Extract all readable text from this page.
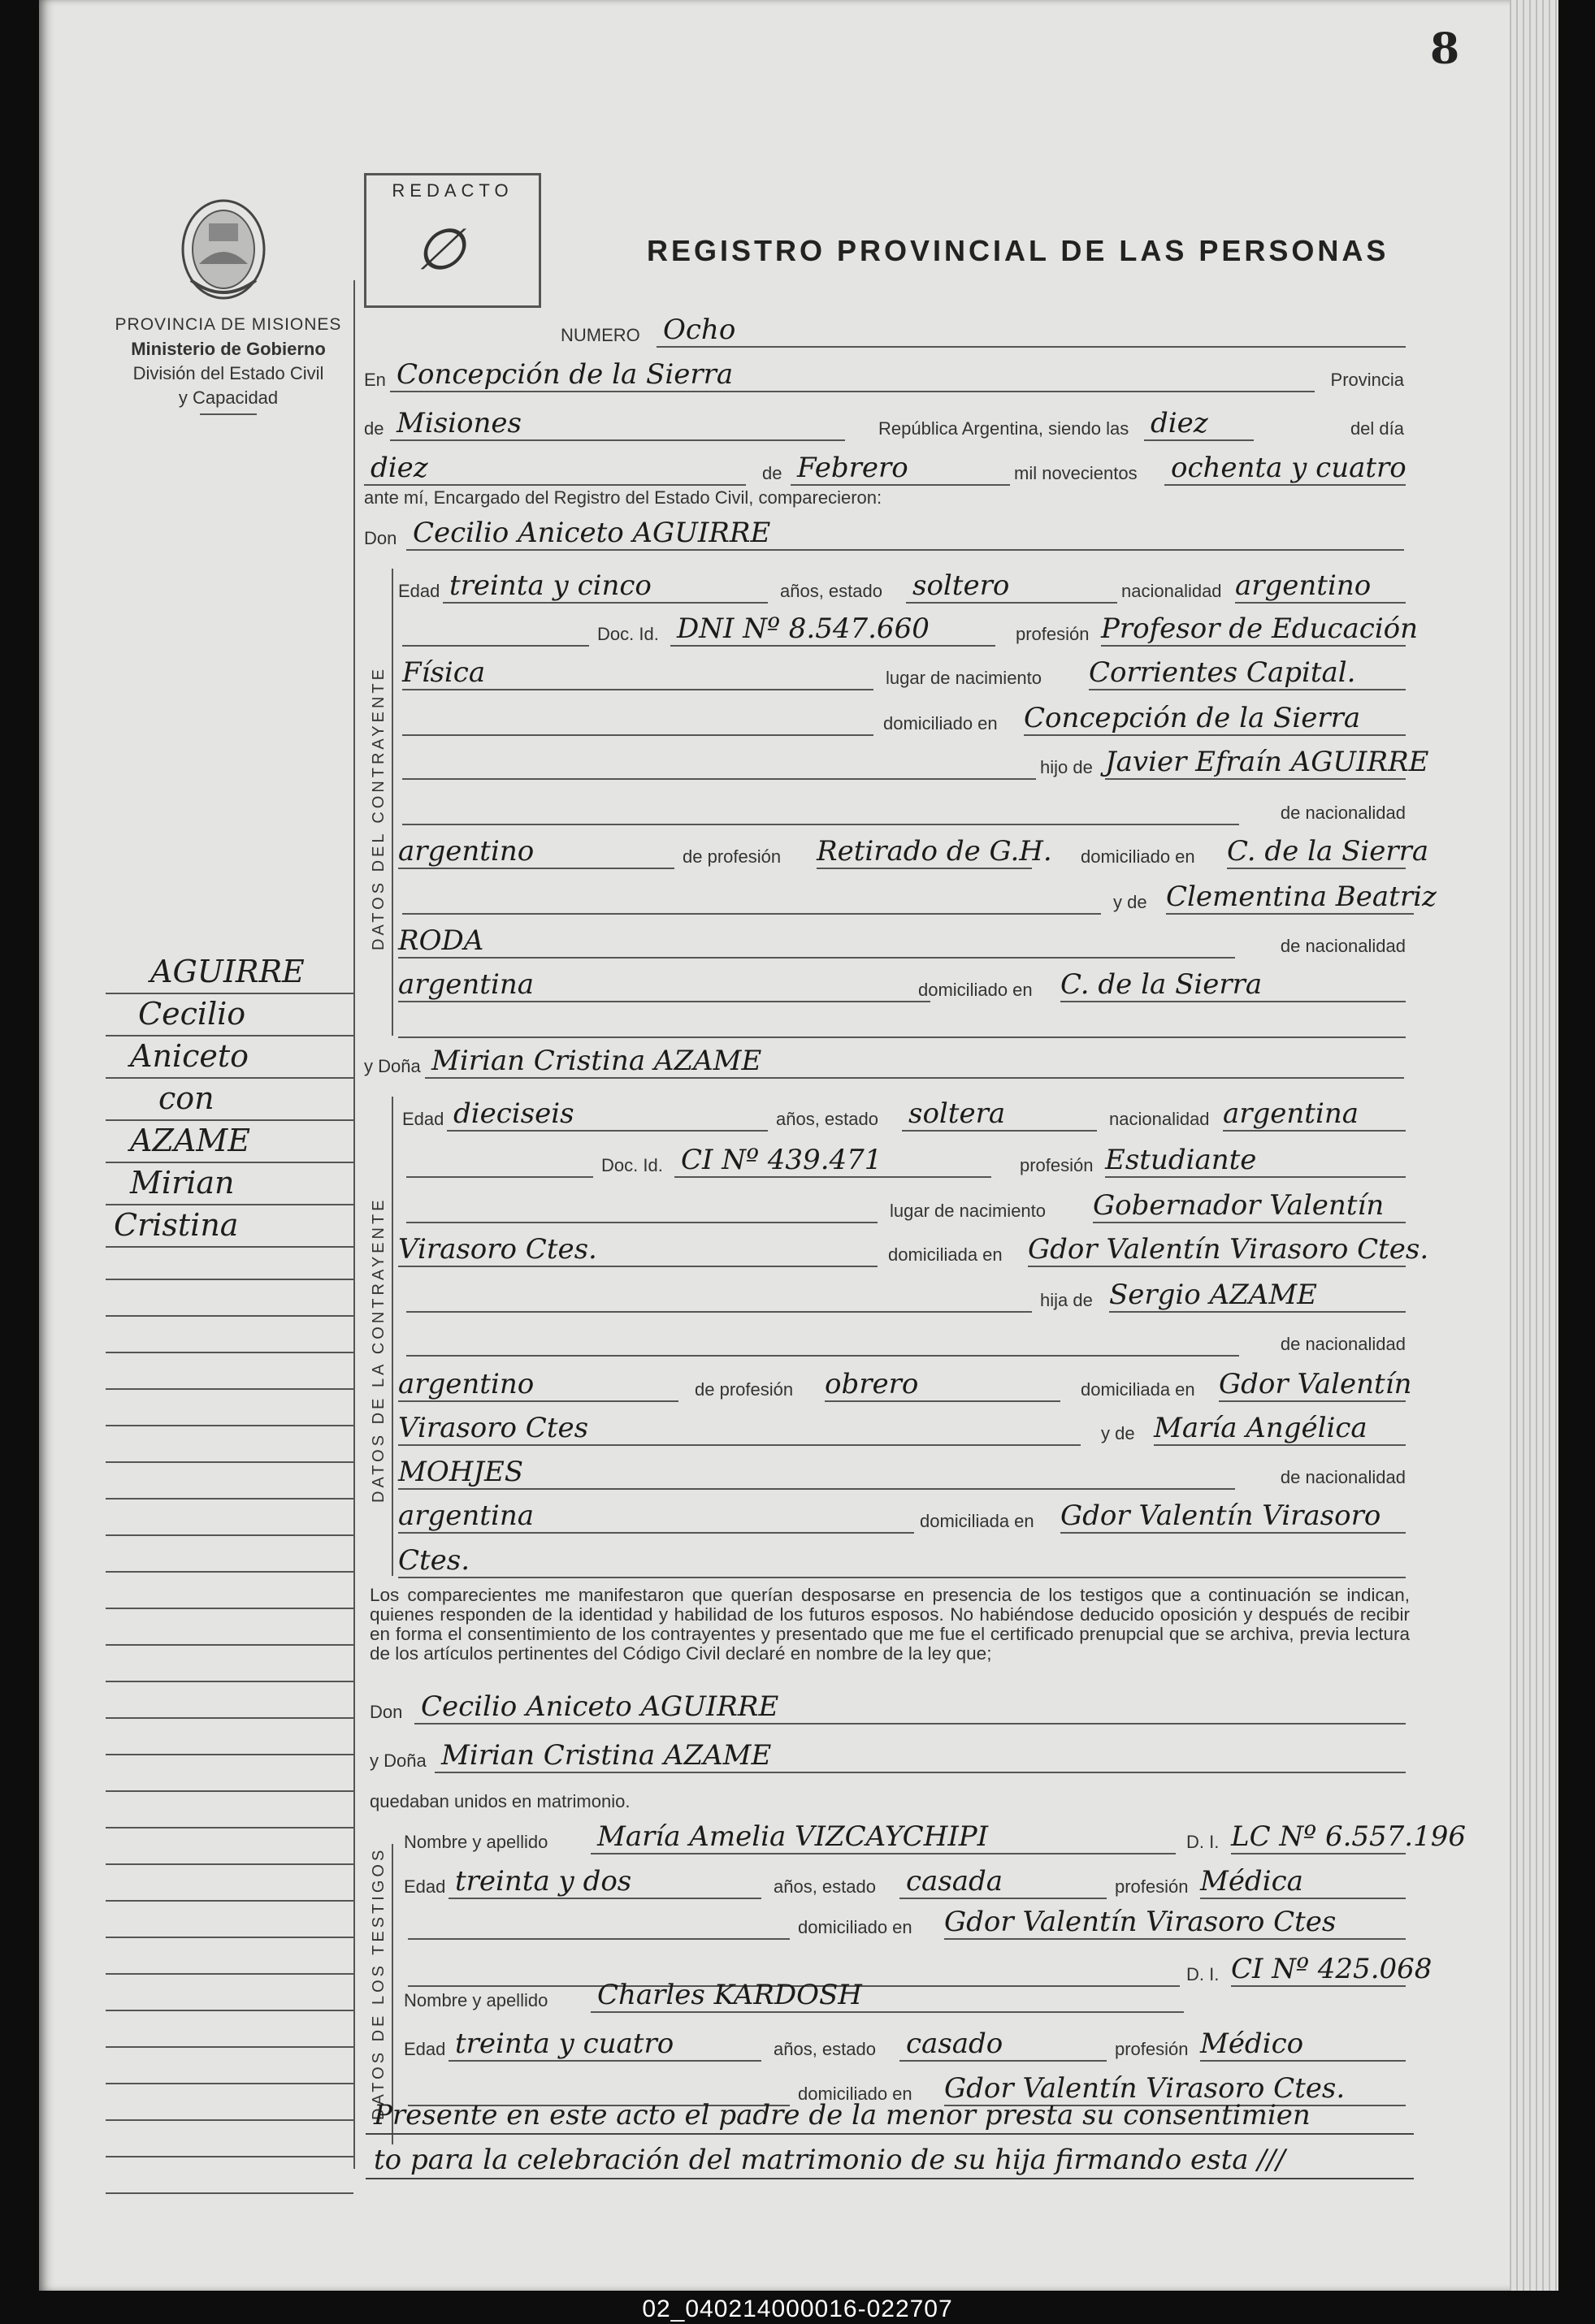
8
PROVINCIA DE MISIONES
Ministerio de Gobierno
División del Estado Civil
y Capacidad
AGUIRRE
Cecilio
Aniceto
con
AZAME
Mirian
Cristina
REDACTO
∅	REGISTRO PROVINCIAL DE LAS PERSONAS
NUMERO Ocho
En Concepción de la Sierra	Provincia
de Misiones	República Argentina, siendo las diez	del día
diez	de Febrero	mil novecientos ochenta y cuatro
ante mí, Encargado del Registro del Estado Civil, comparecieron:
Don Cecilio Aniceto AGUIRRE
DATOS DEL CONTRAYENTE
Edad treinta y cinco	años, estado soltero	nacionalidad argentino
Doc. Id. DNI Nº 8.547.660	profesión Profesor de Educación
Física	lugar de nacimiento Corrientes Capital.
domiciliado en Concepción de la Sierra
hijo de Javier Efraín AGUIRRE
de nacionalidad
argentino	de profesión Retirado de G.H. domiciliado en C. de la Sierra
y de Clementina Beatriz
RODA	de nacionalidad
argentina	domiciliado en C. de la Sierra
y Doña Mirian Cristina AZAME
DATOS DE LA CONTRAYENTE
Edad dieciseis	años, estado soltera	nacionalidad argentina
Doc. Id. CI Nº 439.471	profesión Estudiante
lugar de nacimiento Gobernador Valentín
Virasoro Ctes.	domiciliada en Gdor Valentín Virasoro Ctes.
hija de Sergio AZAME
de nacionalidad
argentino	de profesión obrero	domiciliada en Gdor Valentín
Virasoro Ctes	y de María Angélica
MOHJES	de nacionalidad
argentina	domiciliada en Gdor Valentín Virasoro
Ctes.
Los comparecientes me manifestaron que querían desposarse en presencia de los testigos que a continuación se indican, quienes responden de la identidad y habilidad de los futuros esposos. No habiéndose deducido oposición y después de recibir en forma el consentimiento de los contrayentes y presentado que me fue el certificado prenupcial que se archiva, previa lectura de los artículos pertinentes del Código Civil declaré en nombre de la ley que;
Don Cecilio Aniceto AGUIRRE
y Doña Mirian Cristina AZAME
quedaban unidos en matrimonio.
DATOS DE LOS TESTIGOS
Nombre y apellido María Amelia VIZCAYCHIPI	D. I. LC Nº 6.557.196
Edad treinta y dos	años, estado casada	profesión Médica
domiciliado en Gdor Valentín Virasoro Ctes
D. I. CI Nº 425.068
Nombre y apellido Charles KARDOSH
Edad treinta y cuatro	años, estado casado	profesión Médico
domiciliado en Gdor Valentín Virasoro Ctes.
Presente en este acto el padre de la menor presta su consentimien
to para la celebración del matrimonio de su hija firmando esta ///
02_040214000016-022707
